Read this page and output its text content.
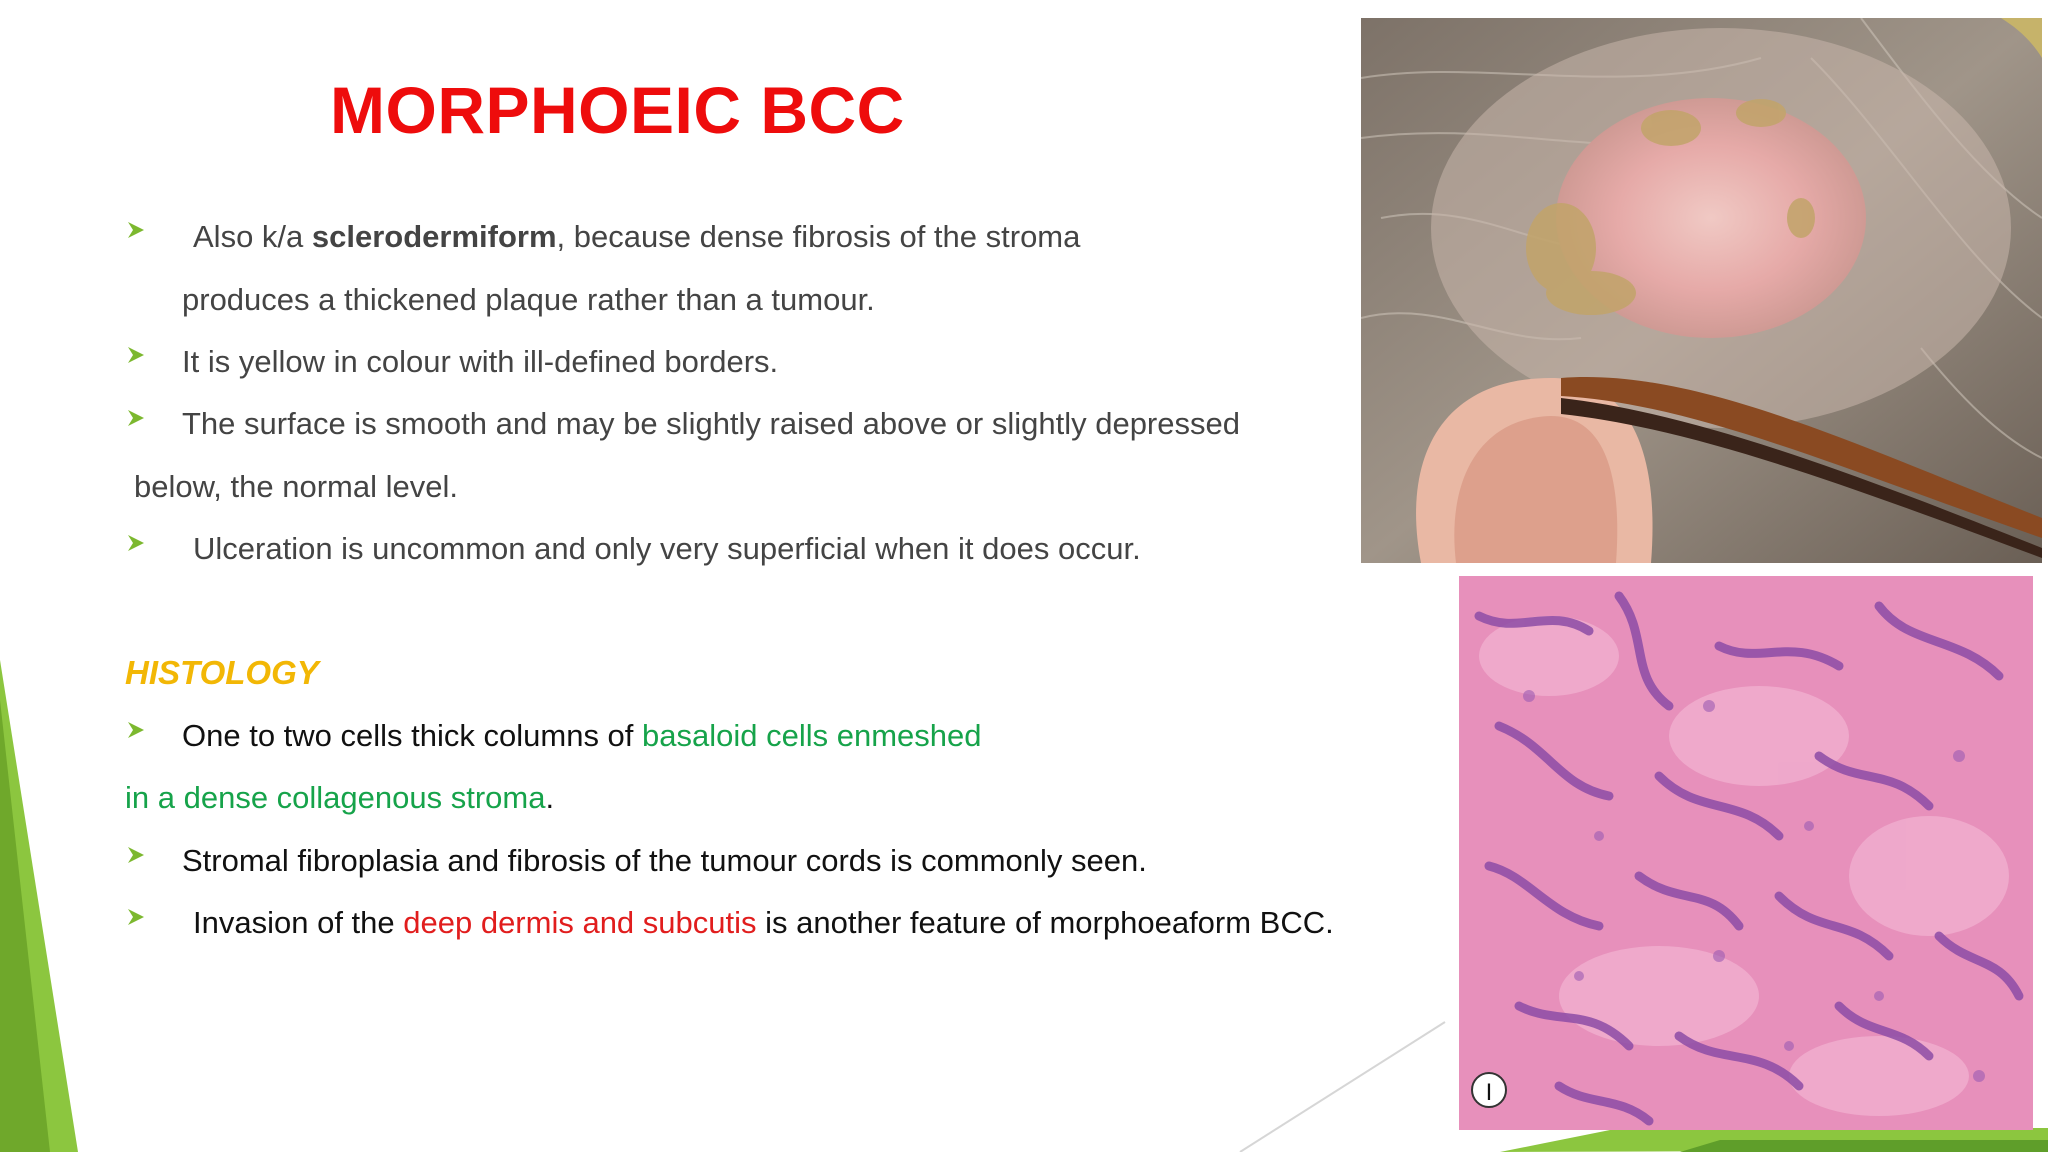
MORPHOEIC BCC
Also k/a sclerodermiform, because dense fibrosis of the stroma
produces a thickened plaque rather than a tumour.
It is yellow in colour with ill-defined borders.
The surface is smooth and may be slightly raised above or slightly depressed
below, the normal level.
Ulceration is uncommon and only very superficial when it does occur.
HISTOLOGY
One to two cells thick columns of basaloid cells enmeshed
in a dense collagenous stroma.
Stromal fibroplasia and fibrosis of the tumour cords is commonly seen.
Invasion of the deep dermis and subcutis is another feature of morphoeaform BCC.
I
